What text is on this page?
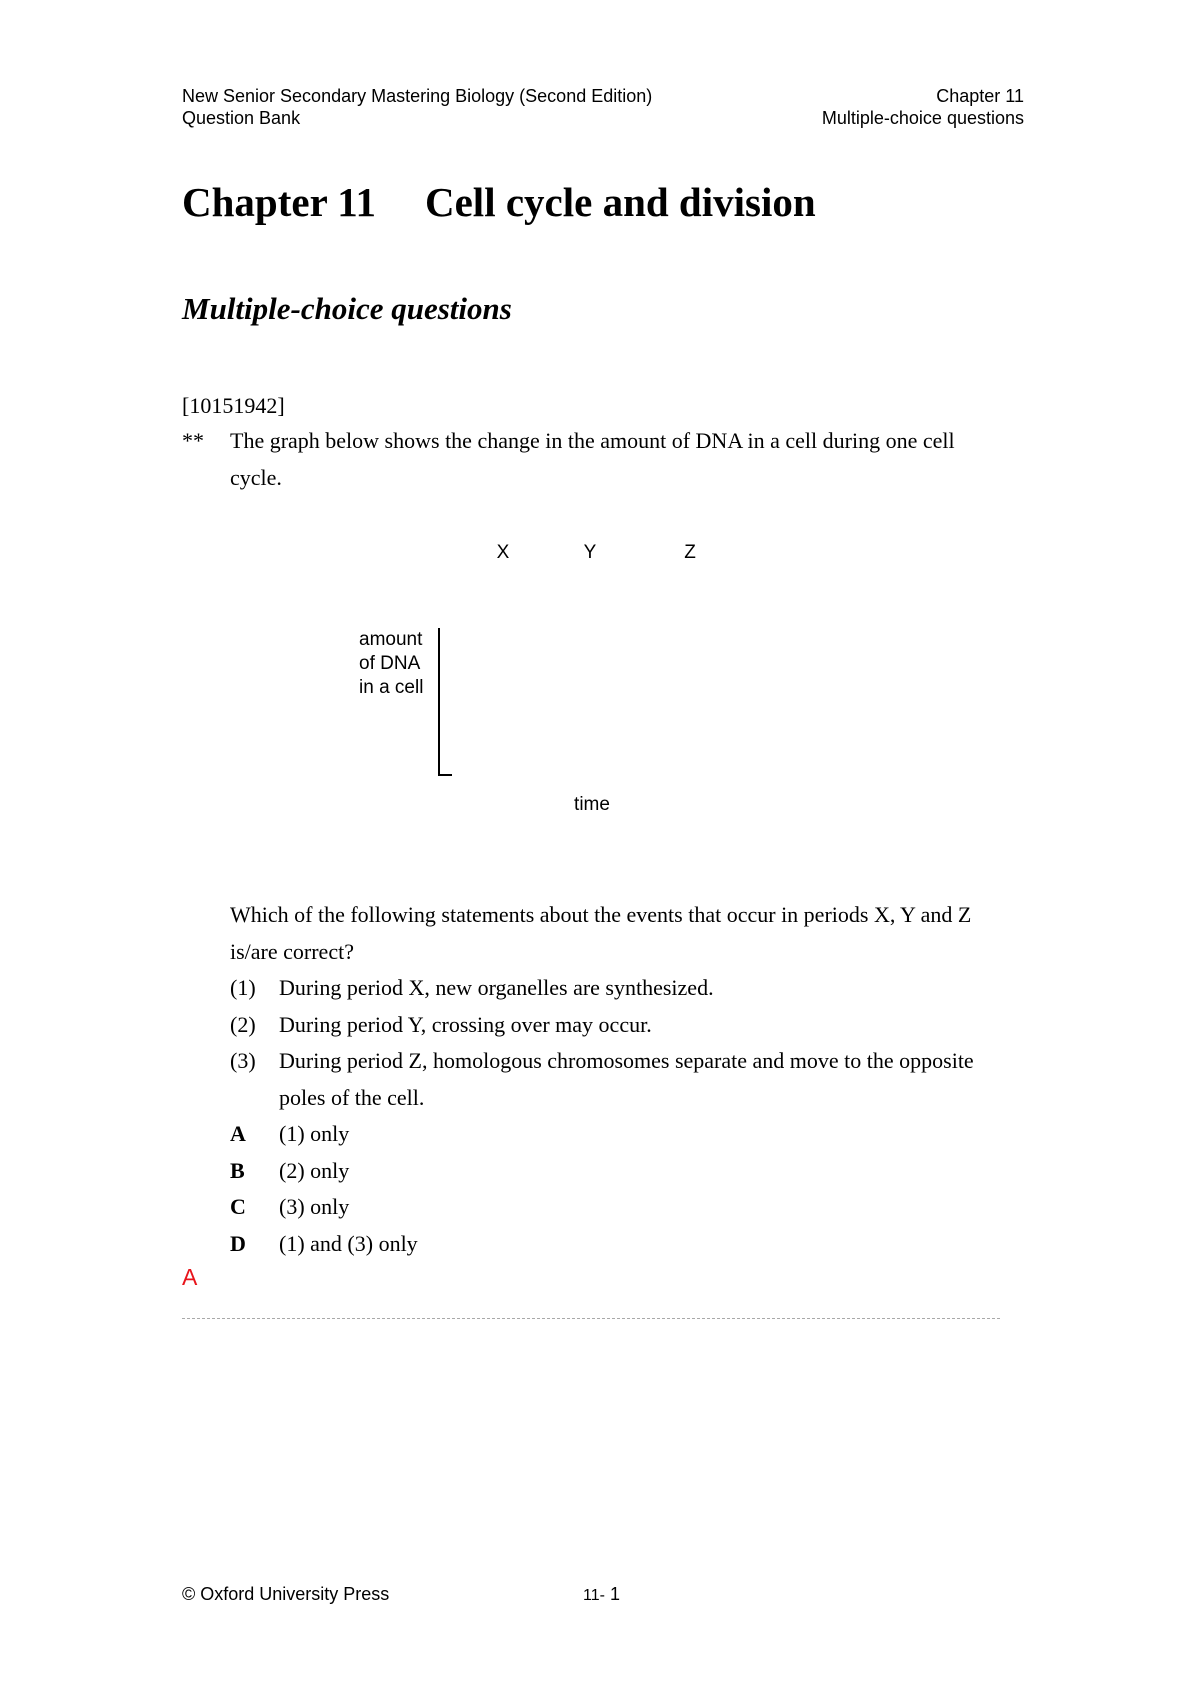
New Senior Secondary Mastering Biology (Second Edition)
Question Bank
Chapter 11
Multiple-choice questions
Chapter 11 Cell cycle and division
Multiple-choice questions
[10151942]
** The graph below shows the change in the amount of DNA in a cell during one cell cycle.
X	Y	Z
amount
of DNA
in a cell
time
Which of the following statements about the events that occur in periods X, Y and Z is/are correct?
(1) During period X, new organelles are synthesized.
(2) During period Y, crossing over may occur.
(3) During period Z, homologous chromosomes separate and move to the opposite poles of the cell.
A (1) only
B (2) only
C (3) only
D (1) and (3) only
A
© Oxford University Press	11- 1
